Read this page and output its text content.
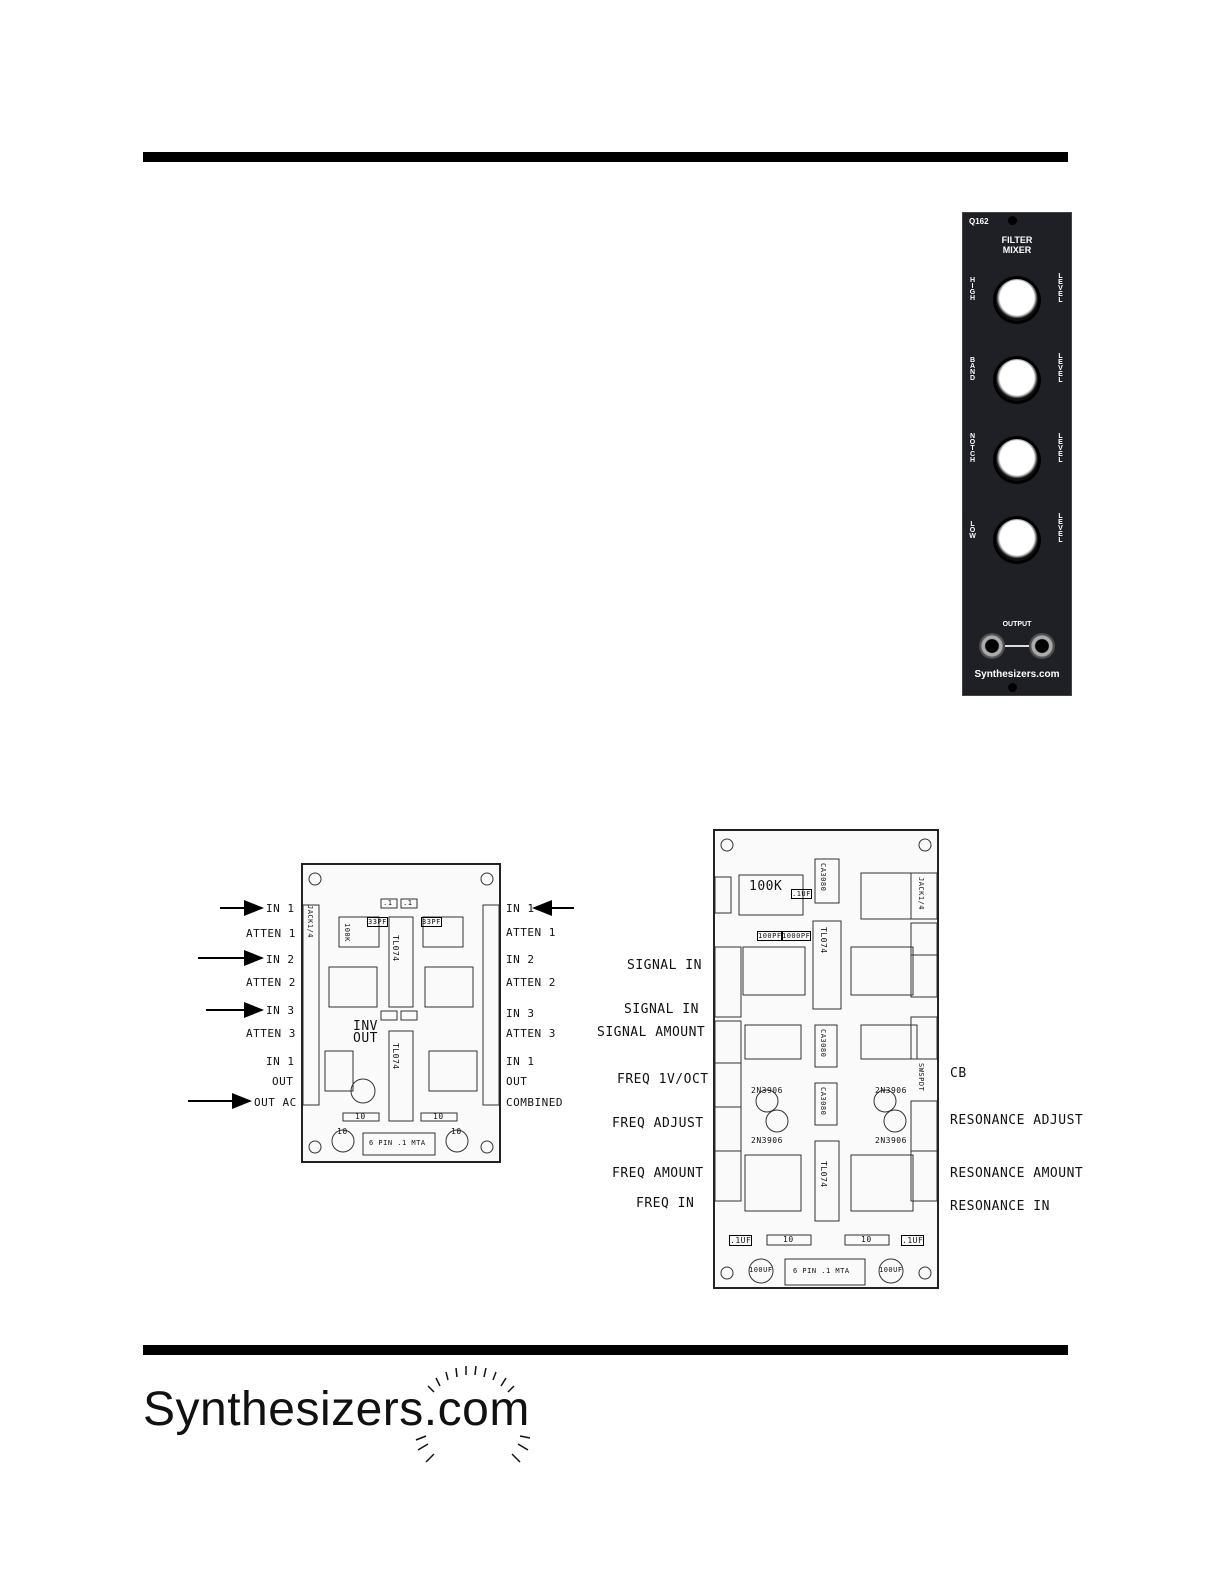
Q162
FILTER
MIXER
HIGH	LEVEL
BAND	LEVEL
NOTCH	LEVEL
LOW	LEVEL
OUTPUT
Synthesizers.com
TL074
TL074
33PF	33PF
.1 .1
10	10
10	10
6 PIN .1 MTA
100K
JACK1/4
INV
OUT
IN 1
ATTEN 1
IN 2
ATTEN 2
IN 3
ATTEN 3
IN 1
OUT
OUT AC
IN 1
ATTEN 1
IN 2
ATTEN 2
IN 3
ATTEN 3
IN 1
OUT
COMBINED
100K .1UF
CA3080
TL074
100PF 1000PF
2N3906
2N3906
2N3906
2N3906
CA3080
CA3080
TL074
.1UF	.1UF
10	10
100UF	100UF
6 PIN .1 MTA
JACK1/4
SWSPDT
SIGNAL IN
SIGNAL IN
SIGNAL AMOUNT
FREQ 1V/OCT
FREQ ADJUST
FREQ AMOUNT
FREQ IN
CB
RESONANCE ADJUST
RESONANCE AMOUNT
RESONANCE IN
Synthesizers.com
